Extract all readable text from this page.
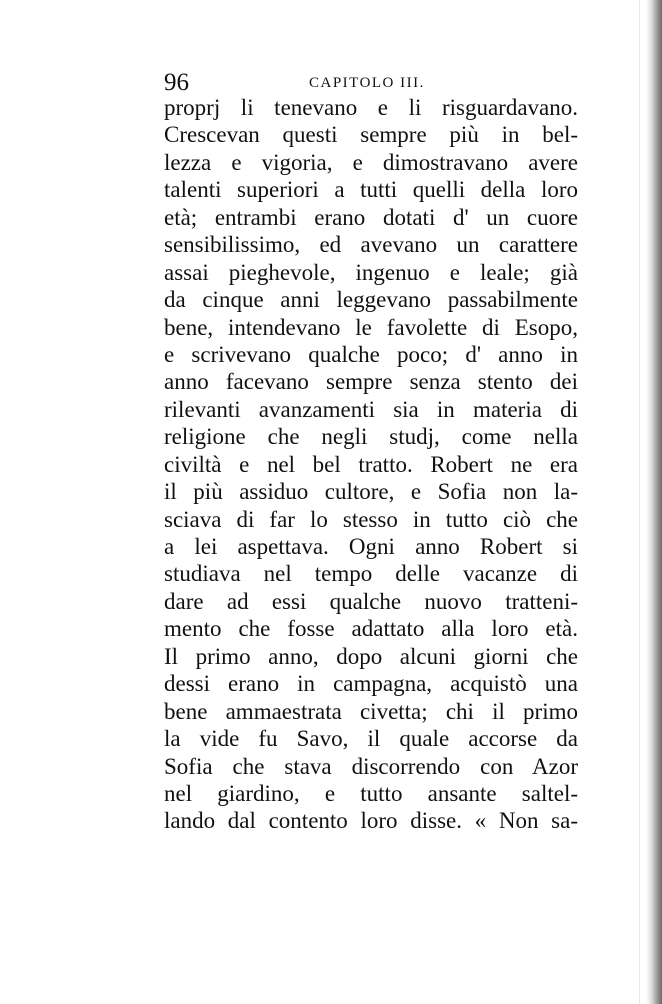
96	CAPITOLO III.
proprj li tenevano e li risguardavano.
Crescevan questi sempre più in bel-
lezza e vigoria, e dimostravano avere
talenti superiori a tutti quelli della loro
età; entrambi erano dotati d' un cuore
sensibilissimo, ed avevano un carattere
assai pieghevole, ingenuo e leale; già
da cinque anni leggevano passabilmente
bene, intendevano le favolette di Esopo,
e scrivevano qualche poco; d' anno in
anno facevano sempre senza stento dei
rilevanti avanzamenti sia in materia di
religione che negli studj, come nella
civiltà e nel bel tratto. Robert ne era
il più assiduo cultore, e Sofia non la-
sciava di far lo stesso in tutto ciò che
a lei aspettava. Ogni anno Robert si
studiava nel tempo delle vacanze di
dare ad essi qualche nuovo tratteni-
mento che fosse adattato alla loro età.
Il primo anno, dopo alcuni giorni che
dessi erano in campagna, acquistò una
bene ammaestrata civetta; chi il primo
la vide fu Savo, il quale accorse da
Sofia che stava discorrendo con Azor
nel giardino, e tutto ansante saltel-
lando dal contento loro disse. « Non sa-
